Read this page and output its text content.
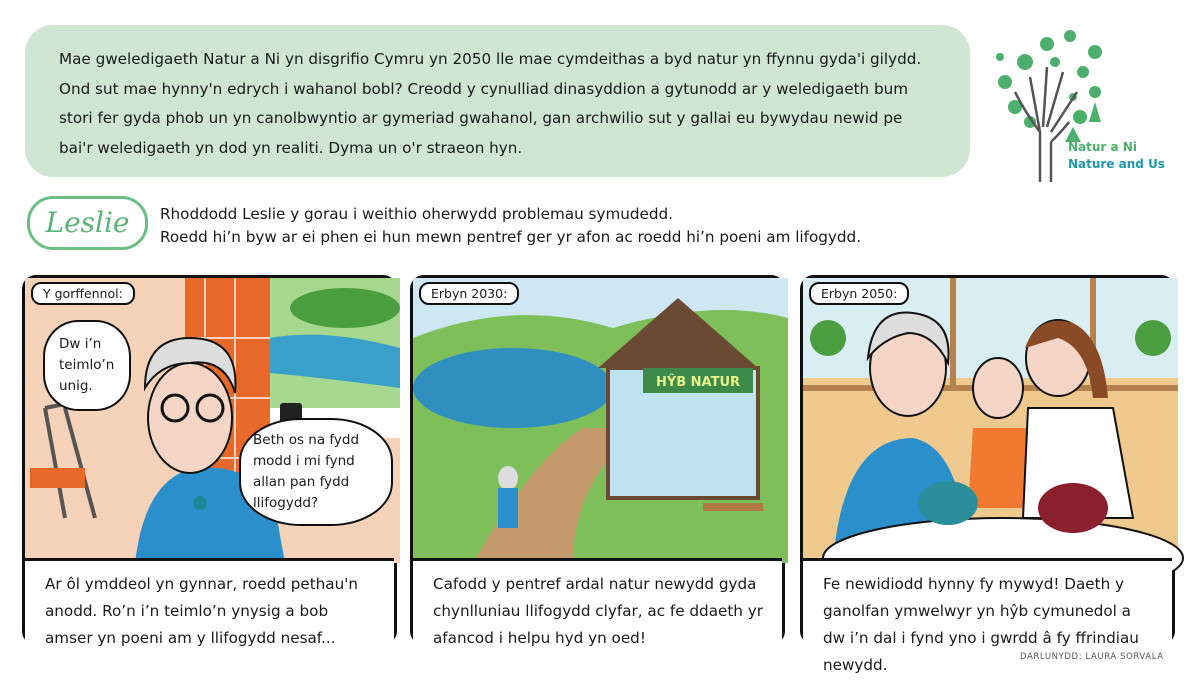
Mae gweledigaeth Natur a Ni yn disgrifio Cymru yn 2050 lle mae cymdeithas a byd natur yn ffynnu gyda'i gilydd. Ond sut mae hynny'n edrych i wahanol bobl? Creodd y cynulliad dinasyddion a gytunodd ar y weledigaeth bum stori fer gyda phob un yn canolbwyntio ar gymeriad gwahanol, gan archwilio sut y gallai eu bywydau newid pe bai'r weledigaeth yn dod yn realiti. Dyma un o'r straeon hyn.	Natur a Ni
Nature and Us
Leslie	Rhoddodd Leslie y gorau i weithio oherwydd problemau symudedd.
Roedd hi’n byw ar ei phen ei hun mewn pentref ger yr afon ac roedd hi’n poeni am lifogydd.
Y gorffennol:
Dw i’n teimlo’n unig.
Beth os na fydd modd i mi fynd allan pan fydd llifogydd?
Ar ôl ymddeol yn gynnar, roedd pethau'n anodd. Ro’n i’n teimlo’n ynysig a bob amser yn poeni am y llifogydd nesaf...
HŶB NATUR
Erbyn 2030:
Cafodd y pentref ardal natur newydd gyda chynlluniau llifogydd clyfar, ac fe ddaeth yr afancod i helpu hyd yn oed!
Erbyn 2050:
Fe newidiodd hynny fy mywyd! Daeth y ganolfan ymwelwyr yn hŷb cymunedol a dw i’n dal i fynd yno i gwrdd â fy ffrindiau newydd.	DARLUNYDD: LAURA SORVALA
